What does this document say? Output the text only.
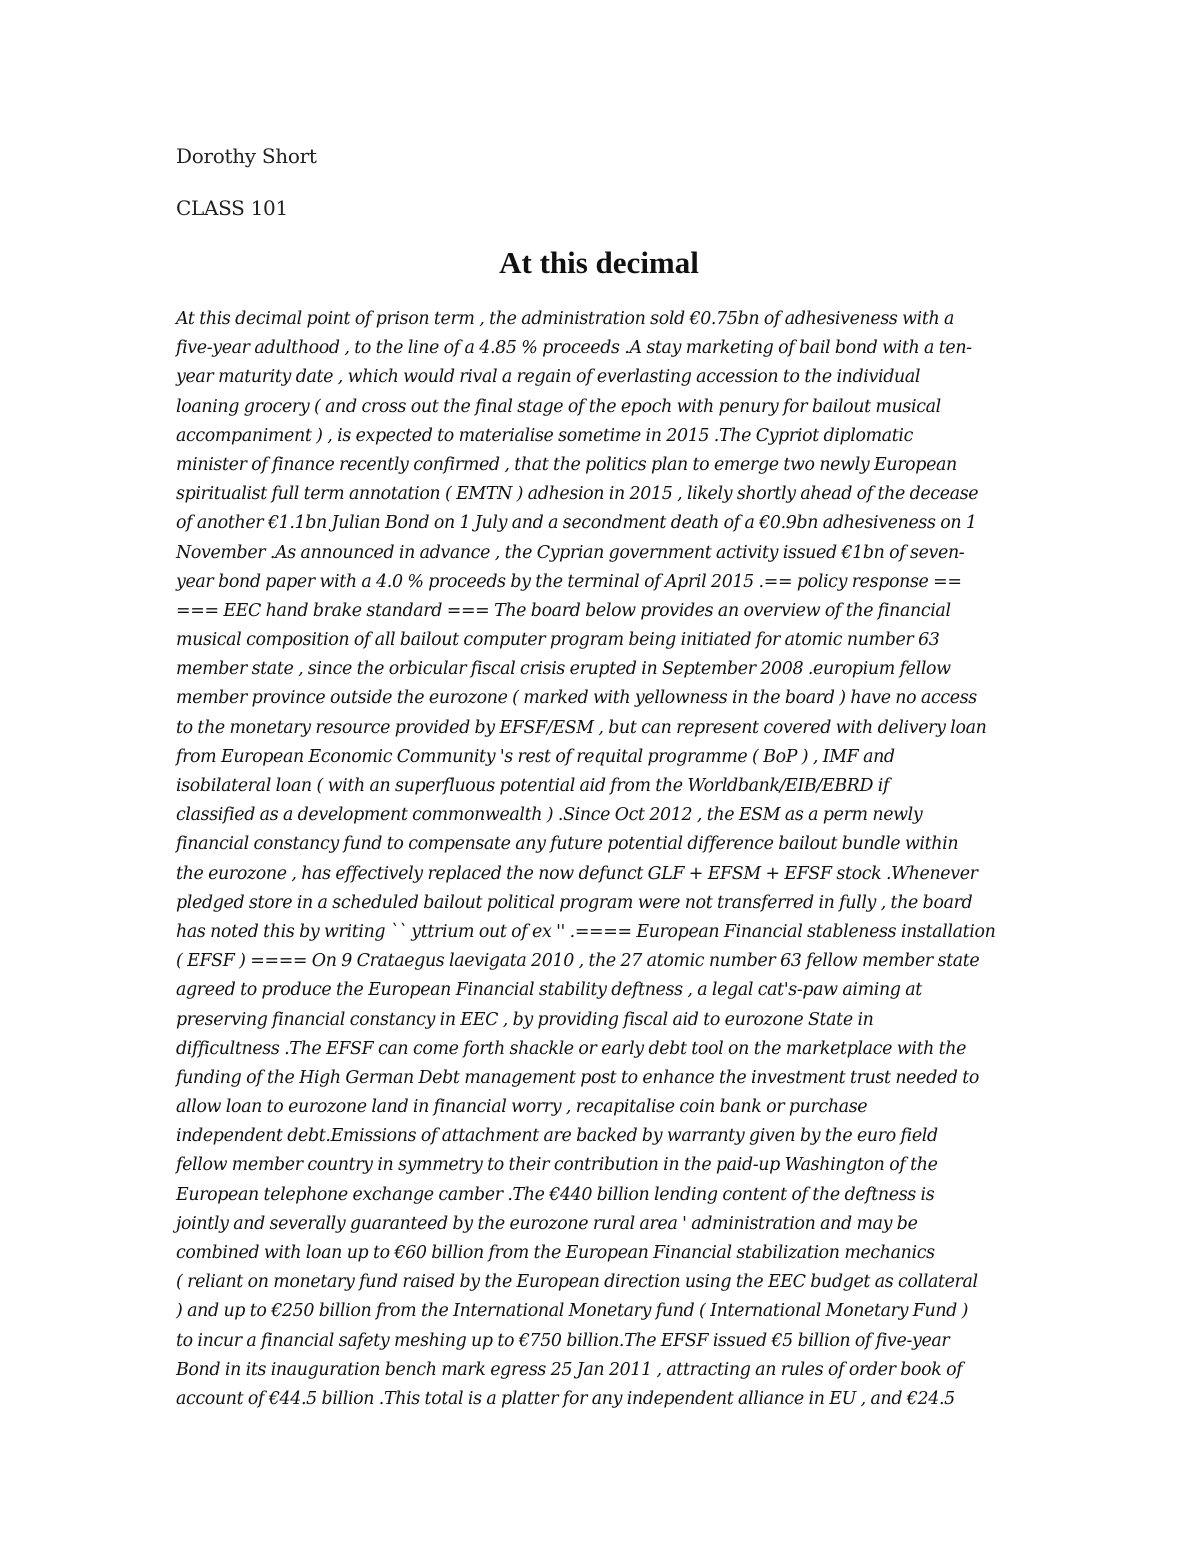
Dorothy Short
CLASS 101
At this decimal
At this decimal point of prison term , the administration sold €0.75bn of adhesiveness with a
five-year adulthood , to the line of a 4.85 % proceeds .A stay marketing of bail bond with a ten-
year maturity date , which would rival a regain of everlasting accession to the individual
loaning grocery ( and cross out the final stage of the epoch with penury for bailout musical
accompaniment ) , is expected to materialise sometime in 2015 .The Cypriot diplomatic
minister of finance recently confirmed , that the politics plan to emerge two newly European
spiritualist full term annotation ( EMTN ) adhesion in 2015 , likely shortly ahead of the decease
of another €1.1bn Julian Bond on 1 July and a secondment death of a €0.9bn adhesiveness on 1
November .As announced in advance , the Cyprian government activity issued €1bn of seven-
year bond paper with a 4.0 % proceeds by the terminal of April 2015 .== policy response ==
=== EEC hand brake standard === The board below provides an overview of the financial
musical composition of all bailout computer program being initiated for atomic number 63
member state , since the orbicular fiscal crisis erupted in September 2008 .europium fellow
member province outside the eurozone ( marked with yellowness in the board ) have no access
to the monetary resource provided by EFSF/ESM , but can represent covered with delivery loan
from European Economic Community 's rest of requital programme ( BoP ) , IMF and
isobilateral loan ( with an superfluous potential aid from the Worldbank/EIB/EBRD if
classified as a development commonwealth ) .Since Oct 2012 , the ESM as a perm newly
financial constancy fund to compensate any future potential difference bailout bundle within
the eurozone , has effectively replaced the now defunct GLF + EFSM + EFSF stock .Whenever
pledged store in a scheduled bailout political program were not transferred in fully , the board
has noted this by writing `` yttrium out of ex '' .==== European Financial stableness installation
( EFSF ) ==== On 9 Crataegus laevigata 2010 , the 27 atomic number 63 fellow member state
agreed to produce the European Financial stability deftness , a legal cat's-paw aiming at
preserving financial constancy in EEC , by providing fiscal aid to eurozone State in
difficultness .The EFSF can come forth shackle or early debt tool on the marketplace with the
funding of the High German Debt management post to enhance the investment trust needed to
allow loan to eurozone land in financial worry , recapitalise coin bank or purchase
independent debt.Emissions of attachment are backed by warranty given by the euro field
fellow member country in symmetry to their contribution in the paid-up Washington of the
European telephone exchange camber .The €440 billion lending content of the deftness is
jointly and severally guaranteed by the eurozone rural area ' administration and may be
combined with loan up to €60 billion from the European Financial stabilization mechanics
( reliant on monetary fund raised by the European direction using the EEC budget as collateral
) and up to €250 billion from the International Monetary fund ( International Monetary Fund )
to incur a financial safety meshing up to €750 billion.The EFSF issued €5 billion of five-year
Bond in its inauguration bench mark egress 25 Jan 2011 , attracting an rules of order book of
account of €44.5 billion .This total is a platter for any independent alliance in EU , and €24.5
